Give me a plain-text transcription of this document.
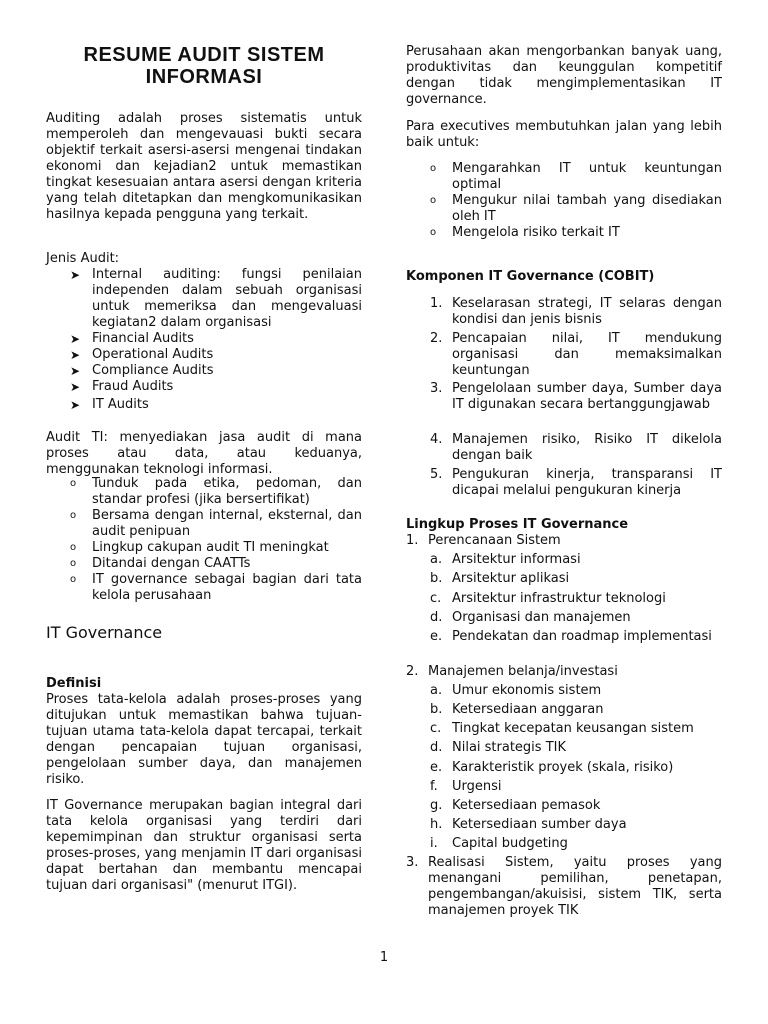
RESUME AUDIT SISTEM
INFORMASI

Auditing adalah proses sistematis untuk memperoleh dan mengevauasi bukti secara objektif terkait asersi-asersi mengenai tindakan ekonomi dan kejadian2 untuk memastikan tingkat kesesuaian antara asersi dengan kriteria yang telah ditetapkan dan mengkomunikasikan hasilnya kepada pengguna yang terkait.

Jenis Audit:

➤ Internal auditing: fungsi penilaian independen dalam sebuah organisasi untuk memeriksa dan mengevaluasi kegiatan2 dalam organisasi
➤ Financial Audits
➤ Operational Audits
➤ Compliance Audits
➤ Fraud Audits
➤ IT Audits

Audit TI: menyediakan jasa audit di mana proses atau data, atau keduanya, menggunakan teknologi informasi.

o	Tunduk pada etika, pedoman, dan standar profesi (jika bersertifikat)
o	Bersama dengan internal, eksternal, dan audit penipuan
o	Lingkup cakupan audit TI meningkat
o	Ditandai dengan CAATTs
o	IT governance sebagai bagian dari tata kelola perusahaan
IT Governance
Definisi

Proses tata-kelola adalah proses-proses yang ditujukan untuk memastikan bahwa tujuan-tujuan utama tata-kelola dapat tercapai, terkait dengan pencapaian tujuan organisasi, pengelolaan sumber daya, dan manajemen risiko.

IT Governance merupakan bagian integral dari tata kelola organisasi yang terdiri dari kepemimpinan dan struktur organisasi serta proses-proses, yang menjamin IT dari organisasi dapat bertahan dan membantu mencapai tujuan dari organisasi" (menurut ITGI).

Perusahaan akan mengorbankan banyak uang, produktivitas dan keunggulan kompetitif dengan tidak mengimplementasikan IT governance.

Para executives membutuhkan jalan yang lebih baik untuk:

o	Mengarahkan IT untuk keuntungan optimal
o	Mengukur nilai tambah yang disediakan oleh IT
o	Mengelola risiko terkait IT
Komponen IT Governance (COBIT)
1. Keselarasan strategi, IT selaras dengan kondisi dan jenis bisnis
2. Pencapaian nilai, IT mendukung organisasi dan memaksimalkan keuntungan
3. Pengelolaan sumber daya, Sumber daya IT digunakan secara bertanggungjawab
4. Manajemen risiko, Risiko IT dikelola dengan baik
5. Pengukuran kinerja, transparansi IT dicapai melalui pengukuran kinerja
Lingkup Proses IT Governance
1. Perencanaan Sistem
a. Arsitektur informasi
b. Arsitektur aplikasi
c. Arsitektur infrastruktur teknologi
d. Organisasi dan manajemen
e. Pendekatan dan roadmap implementasi
2. Manajemen belanja/investasi
a. Umur ekonomis sistem
b. Ketersediaan anggaran
c. Tingkat kecepatan keusangan sistem
d. Nilai strategis TIK
e. Karakteristik proyek (skala, risiko)
f.	Urgensi
g. Ketersediaan pemasok
h. Ketersediaan sumber daya
i.	Capital budgeting
3. Realisasi Sistem, yaitu proses yang menangani pemilihan, penetapan, pengembangan/akuisisi, sistem TIK, serta manajemen proyek TIK
1
